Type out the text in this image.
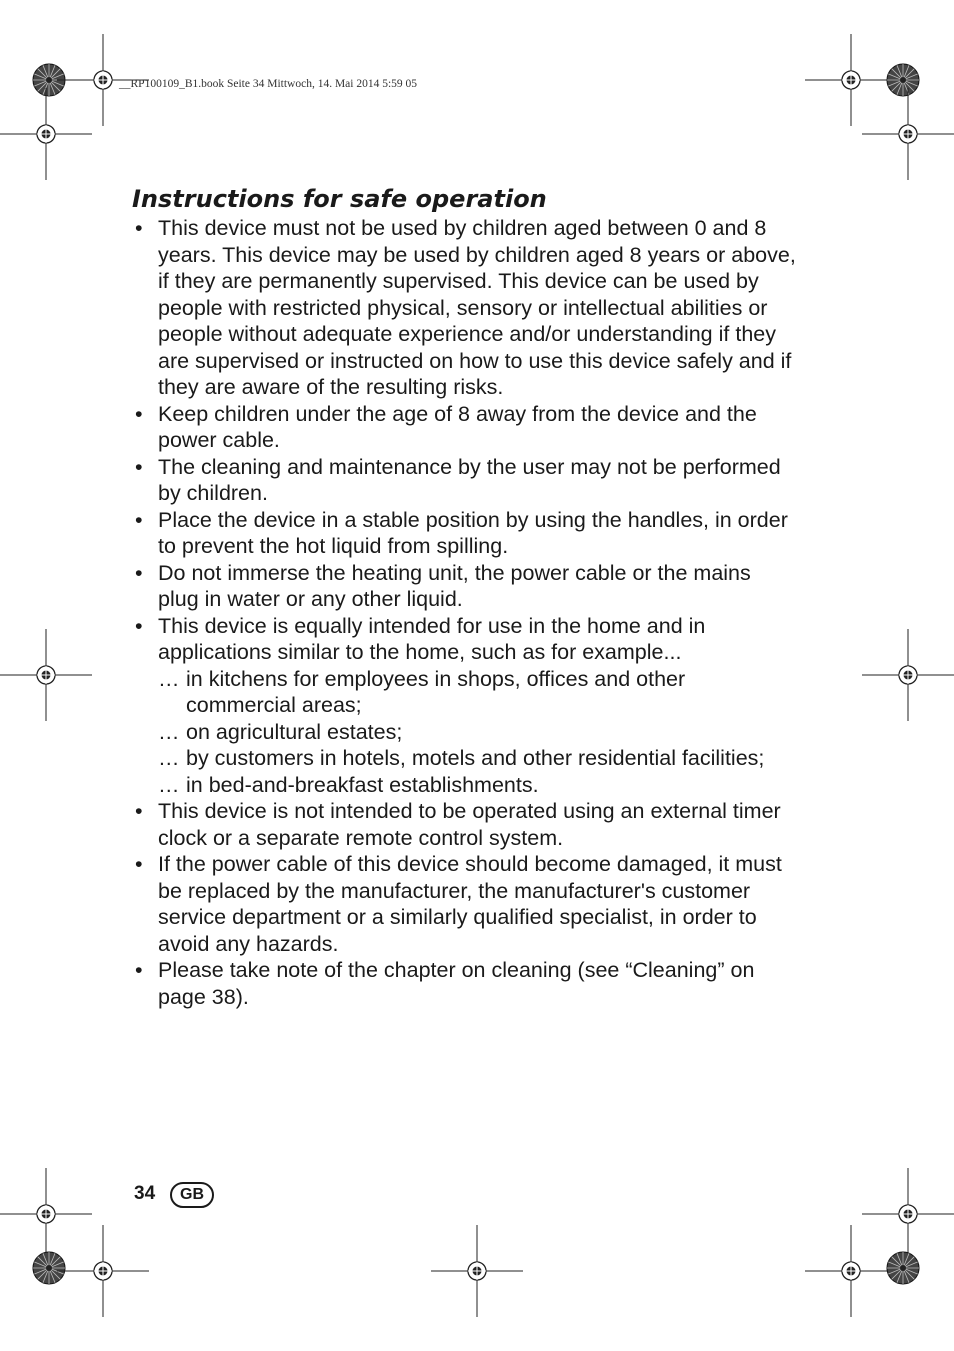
__RP100109_B1.book Seite 34 Mittwoch, 14. Mai 2014 5:59 05
Instructions for safe operation
• This device must not be used by children aged between 0 and 8 years. This device may be used by children aged 8 years or above, if they are permanently supervised. This device can be used by people with restricted physical, sensory or intellectual abilities or people without adequate experience and/or understanding if they are supervised or instructed on how to use this device safely and if they are aware of the resulting risks.
• Keep children under the age of 8 away from the device and the power cable.
• The cleaning and maintenance by the user may not be performed by children.
• Place the device in a stable position by using the handles, in order to prevent the hot liquid from spilling.
• Do not immerse the heating unit, the power cable or the mains plug in water or any other liquid.
• This device is equally intended for use in the home and in applications similar to the home, such as for example...
… in kitchens for employees in shops, offices and other commercial areas;
… on agricultural estates;
… by customers in hotels, motels and other residential facilities;
… in bed-and-breakfast establishments.
• This device is not intended to be operated using an external timer clock or a separate remote control system.
• If the power cable of this device should become damaged, it must be replaced by the manufacturer, the manufacturer's customer service department or a similarly qualified specialist, in order to avoid any hazards.
• Please take note of the chapter on cleaning (see “Cleaning” on page 38).
34	GB
